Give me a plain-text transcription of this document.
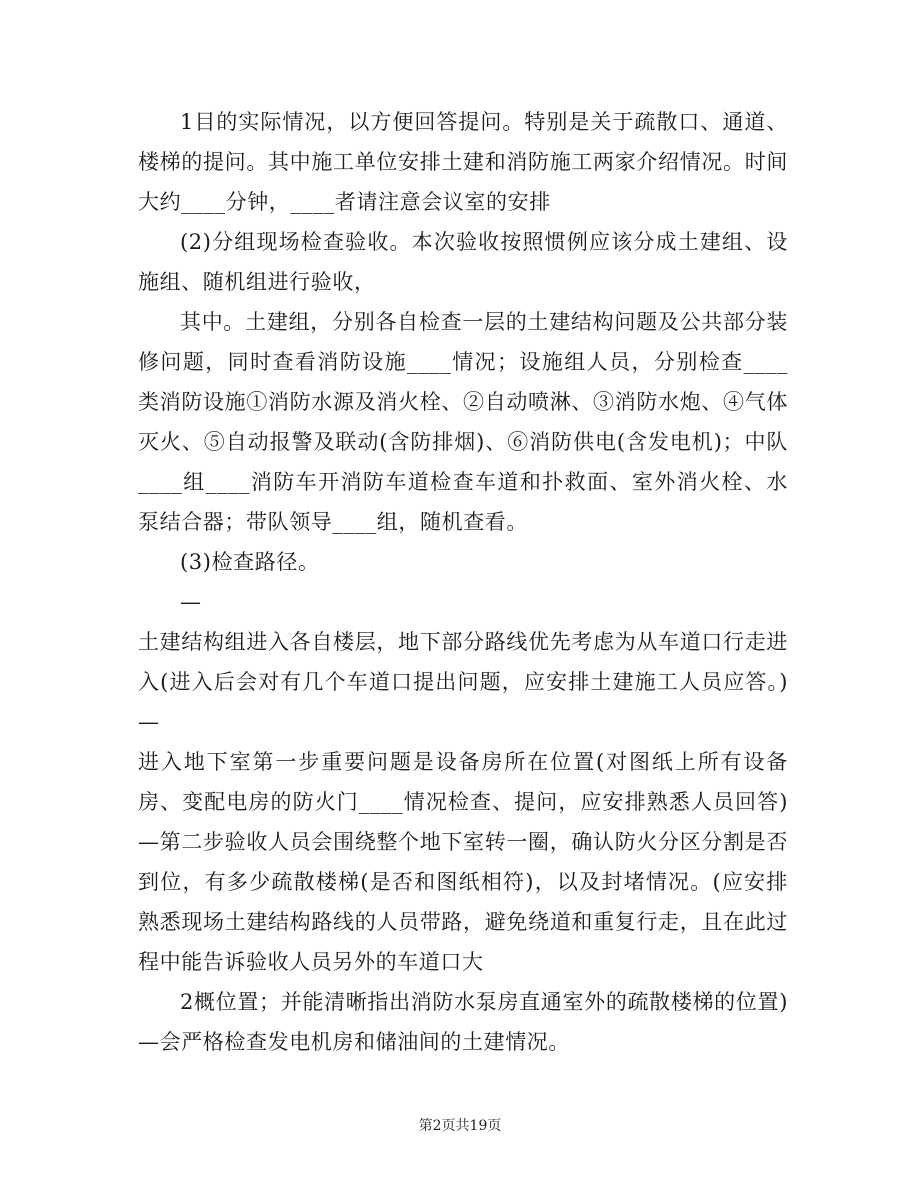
1目的实际情况，以方便回答提问。特别是关于疏散口、通道、楼梯的提问。其中施工单位安排土建和消防施工两家介绍情况。时间大约____分钟，____者请注意会议室的安排

(2)分组现场检查验收。本次验收按照惯例应该分成土建组、设施组、随机组进行验收，

其中。土建组，分别各自检查一层的土建结构问题及公共部分装修问题，同时查看消防设施____情况；设施组人员，分别检查____类消防设施①消防水源及消火栓、②自动喷淋、③消防水炮、④气体灭火、⑤自动报警及联动(含防排烟)、⑥消防供电(含发电机)；中队____组____消防车开消防车道检查车道和扑救面、室外消火栓、水泵结合器；带队领导____组，随机查看。

(3)检查路径。

—

土建结构组进入各自楼层，地下部分路线优先考虑为从车道口行走进入(进入后会对有几个车道口提出问题，应安排土建施工人员应答。)—

进入地下室第一步重要问题是设备房所在位置(对图纸上所有设备房、变配电房的防火门____情况检查、提问，应安排熟悉人员回答)—第二步验收人员会围绕整个地下室转一圈，确认防火分区分割是否到位，有多少疏散楼梯(是否和图纸相符)，以及封堵情况。(应安排熟悉现场土建结构路线的人员带路，避免绕道和重复行走，且在此过程中能告诉验收人员另外的车道口大

2概位置；并能清晰指出消防水泵房直通室外的疏散楼梯的位置)—会严格检查发电机房和储油间的土建情况。

第2页共19页
